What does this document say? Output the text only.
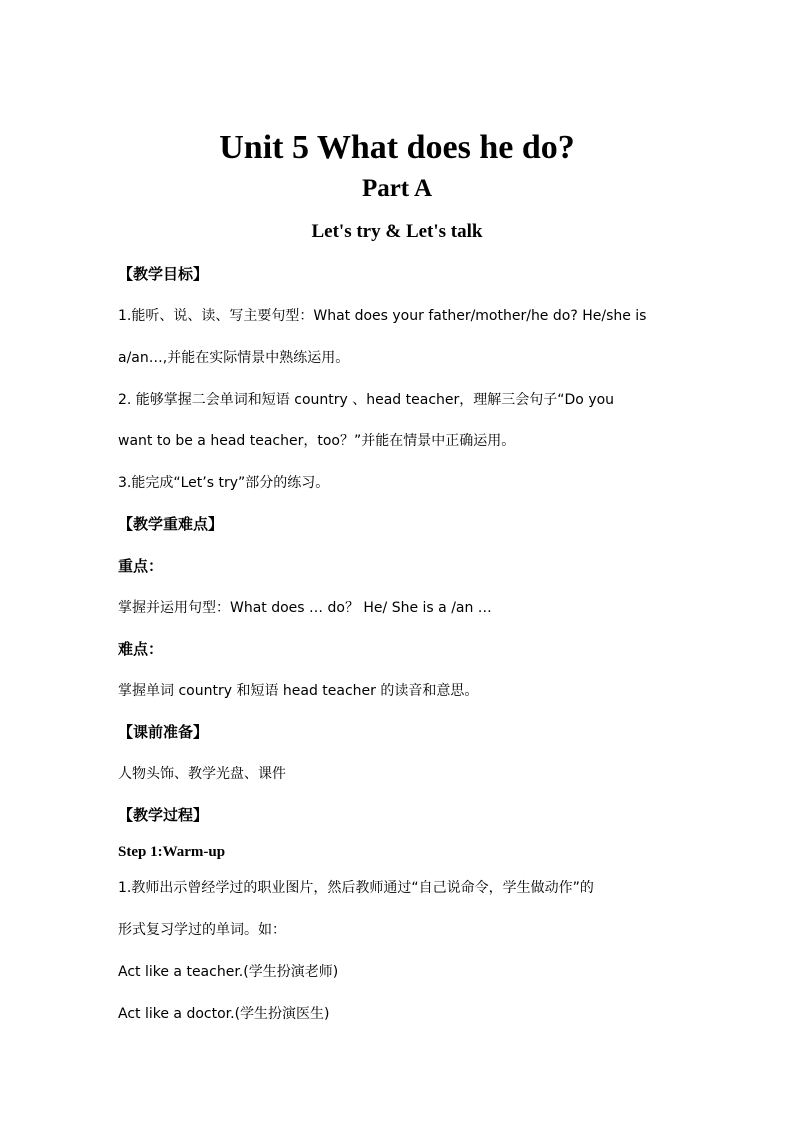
Unit 5 What does he do?
Part A
Let's try & Let's talk
【教学目标】
1.能听、说、读、写主要句型：What does your father/mother/he do? He/she is
a/an…,并能在实际情景中熟练运用。
2. 能够掌握二会单词和短语 country 、head teacher，理解三会句子“Do you
want to be a head teacher，too？”并能在情景中正确运用。
3.能完成“Let’s try”部分的练习。
【教学重难点】
重点：
掌握并运用句型：What does … do？ He/ She is a /an …
难点：
掌握单词 country 和短语 head teacher 的读音和意思。
【课前准备】
人物头饰、教学光盘、课件
【教学过程】
Step 1:Warm-up
1.教师出示曾经学过的职业图片，然后教师通过“自己说命令，学生做动作”的
形式复习学过的单词。如：
Act like a teacher.(学生扮演老师)
Act like a doctor.(学生扮演医生)
